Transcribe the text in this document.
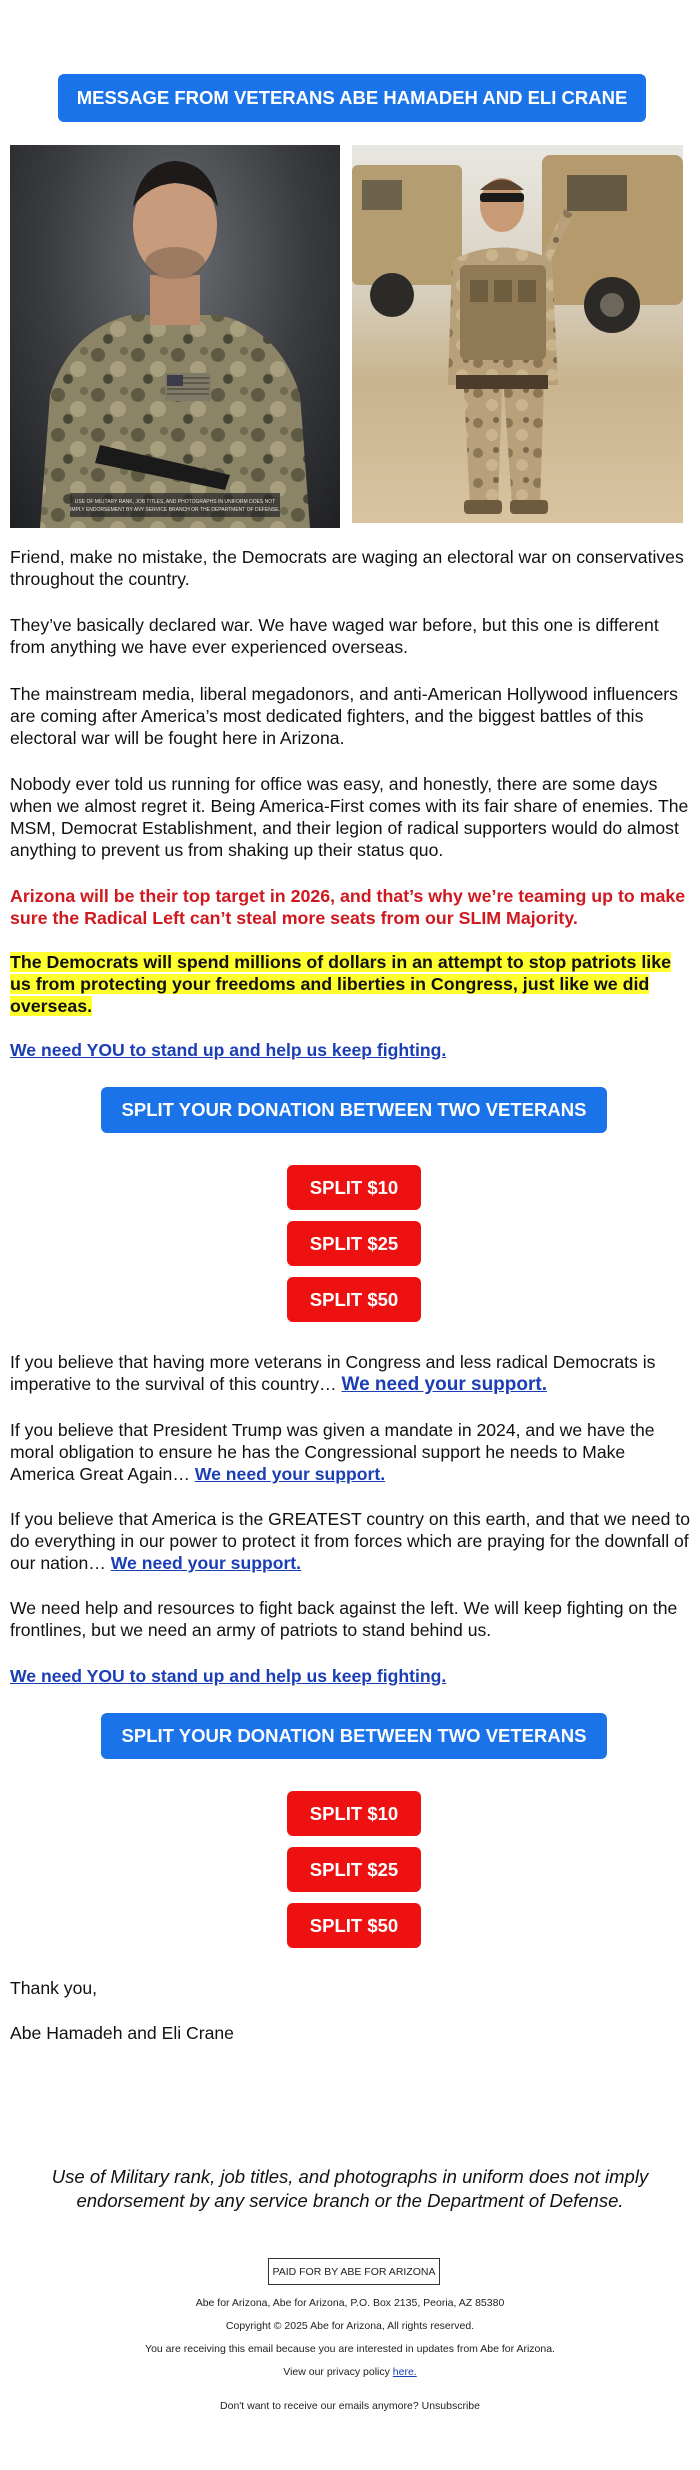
MESSAGE FROM VETERANS ABE HAMADEH AND ELI CRANE
USE OF MILITARY RANK, JOB TITLES, AND PHOTOGRAPHS IN UNIFORM DOES NOT
IMPLY ENDORSEMENT BY ANY SERVICE BRANCH OR THE DEPARTMENT OF DEFENSE.

Friend, make no mistake, the Democrats are waging an electoral war on conservatives throughout the country.

They’ve basically declared war. We have waged war before, but this one is different from anything we have ever experienced overseas.

The mainstream media, liberal megadonors, and anti-American Hollywood influencers are coming after America’s most dedicated fighters, and the biggest battles of this electoral war will be fought here in Arizona.

Nobody ever told us running for office was easy, and honestly, there are some days when we almost regret it. Being America-First comes with its fair share of enemies. The MSM, Democrat Establishment, and their legion of radical supporters would do almost anything to prevent us from shaking up their status quo.

Arizona will be their top target in 2026, and that’s why we’re teaming up to make sure the Radical Left can’t steal more seats from our SLIM Majority.

The Democrats will spend millions of dollars in an attempt to stop patriots like us from protecting your freedoms and liberties in Congress, just like we did overseas.

We need YOU to stand up and help us keep fighting.

SPLIT YOUR DONATION BETWEEN TWO VETERANS
SPLIT $10
SPLIT $25
SPLIT $50

If you believe that having more veterans in Congress and less radical Democrats is imperative to the survival of this country… We need your support.

If you believe that President Trump was given a mandate in 2024, and we have the moral obligation to ensure he has the Congressional support he needs to Make America Great Again… We need your support.

If you believe that America is the GREATEST country on this earth, and that we need to do everything in our power to protect it from forces which are praying for the downfall of our nation… We need your support.

We need help and resources to fight back against the left. We will keep fighting on the frontlines, but we need an army of patriots to stand behind us.

We need YOU to stand up and help us keep fighting.

SPLIT YOUR DONATION BETWEEN TWO VETERANS
SPLIT $10
SPLIT $25
SPLIT $50

Thank you,

Abe Hamadeh and Eli Crane

Use of Military rank, job titles, and photographs in uniform does not imply endorsement by any service branch or the Department of Defense.
PAID FOR BY ABE FOR ARIZONA
Abe for Arizona, Abe for Arizona, P.O. Box 2135, Peoria, AZ 85380
Copyright © 2025 Abe for Arizona, All rights reserved.
You are receiving this email because you are interested in updates from Abe for Arizona.
View our privacy policy here.
Don't want to receive our emails anymore? Unsubscribe
